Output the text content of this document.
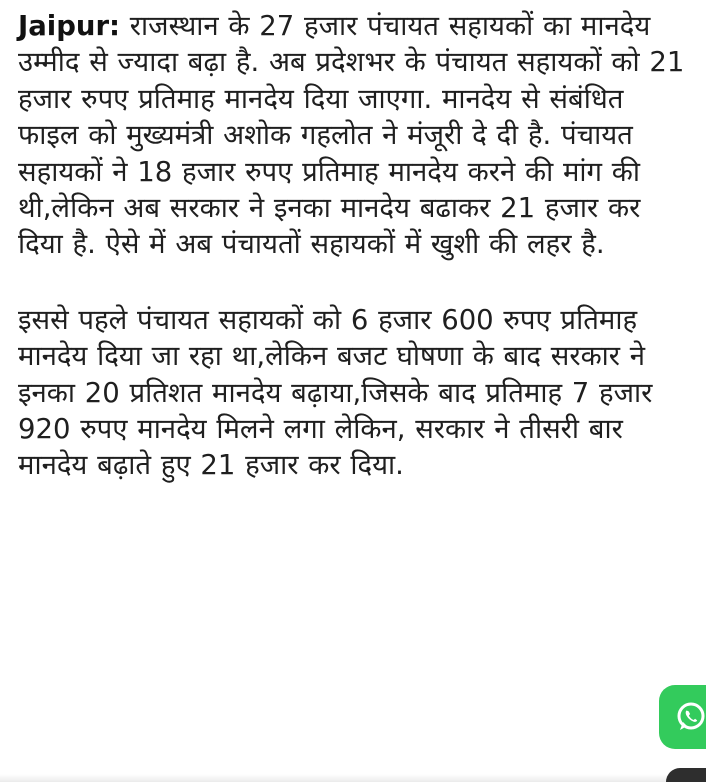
Jaipur: राजस्थान के 27 हजार पंचायत सहायकों का मानदेय उम्मीद से ज्यादा बढ़ा है. अब प्रदेशभर के पंचायत सहायकों को 21 हजार रुपए प्रतिमाह मानदेय दिया जाएगा. मानदेय से संबंधित फाइल को मुख्यमंत्री अशोक गहलोत ने मंजूरी दे दी है. पंचायत सहायकों ने 18 हजार रुपए प्रतिमाह मानदेय करने की मांग की थी,लेकिन अब सरकार ने इनका मानदेय बढाकर 21 हजार कर दिया है. ऐसे में अब पंचायतों सहायकों में खुशी की लहर है.

इससे पहले पंचायत सहायकों को 6 हजार 600 रुपए प्रतिमाह मानदेय दिया जा रहा था,लेकिन बजट घोषणा के बाद सरकार ने इनका 20 प्रतिशत मानदेय बढ़ाया,जिसके बाद प्रतिमाह 7 हजार 920 रुपए मानदेय मिलने लगा लेकिन, सरकार ने तीसरी बार मानदेय बढ़ाते हुए 21 हजार कर दिया.
